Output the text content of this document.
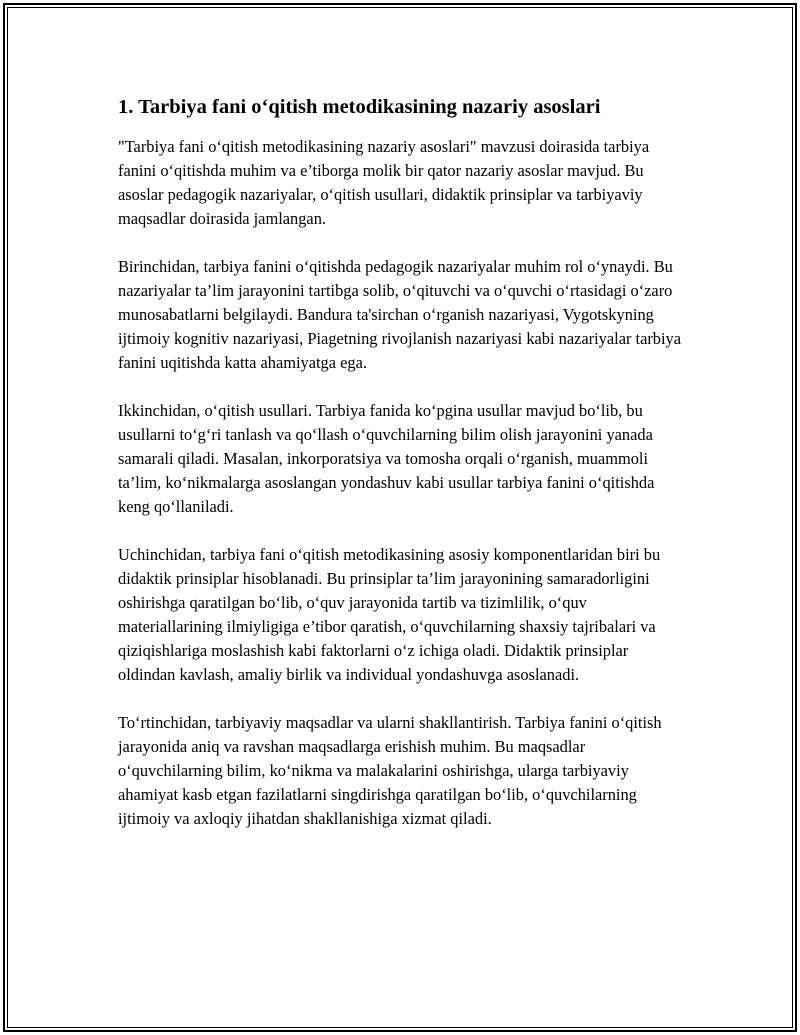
1. Tarbiya fani o‘qitish metodikasining nazariy asoslari

"Tarbiya fani o‘qitish metodikasining nazariy asoslari" mavzusi doirasida tarbiya fanini o‘qitishda muhim va e’tiborga molik bir qator nazariy asoslar mavjud. Bu asoslar pedagogik nazariyalar, o‘qitish usullari, didaktik prinsiplar va tarbiyaviy maqsadlar doirasida jamlangan.

Birinchidan, tarbiya fanini o‘qitishda pedagogik nazariyalar muhim rol o‘ynaydi. Bu nazariyalar ta’lim jarayonini tartibga solib, o‘qituvchi va o‘quvchi o‘rtasidagi o‘zaro munosabatlarni belgilaydi. Bandura ta'sirchan o‘rganish nazariyasi, Vygotskyning ijtimoiy kognitiv nazariyasi, Piagetning rivojlanish nazariyasi kabi nazariyalar tarbiya fanini uqitishda katta ahamiyatga ega.

Ikkinchidan, o‘qitish usullari. Tarbiya fanida ko‘pgina usullar mavjud bo‘lib, bu usullarni to‘g‘ri tanlash va qo‘llash o‘quvchilarning bilim olish jarayonini yanada samarali qiladi. Masalan, inkorporatsiya va tomosha orqali o‘rganish, muammoli ta’lim, ko‘nikmalarga asoslangan yondashuv kabi usullar tarbiya fanini o‘qitishda keng qo‘llaniladi.

Uchinchidan, tarbiya fani o‘qitish metodikasining asosiy komponentlaridan biri bu didaktik prinsiplar hisoblanadi. Bu prinsiplar ta’lim jarayonining samaradorligini oshirishga qaratilgan bo‘lib, o‘quv jarayonida tartib va tizimlilik, o‘quv materiallarining ilmiyligiga e’tibor qaratish, o‘quvchilarning shaxsiy tajribalari va qiziqishlariga moslashish kabi faktorlarni o‘z ichiga oladi. Didaktik prinsiplar oldindan kavlash, amaliy birlik va individual yondashuvga asoslanadi.

To‘rtinchidan, tarbiyaviy maqsadlar va ularni shakllantirish. Tarbiya fanini o‘qitish jarayonida aniq va ravshan maqsadlarga erishish muhim. Bu maqsadlar o‘quvchilarning bilim, ko‘nikma va malakalarini oshirishga, ularga tarbiyaviy ahamiyat kasb etgan fazilatlarni singdirishga qaratilgan bo‘lib, o‘quvchilarning ijtimoiy va axloqiy jihatdan shakllanishiga xizmat qiladi.
